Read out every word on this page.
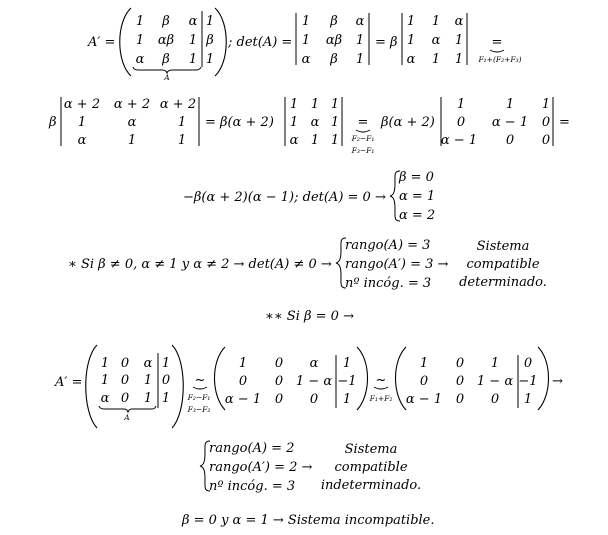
A′ =
1 β α 1
1 αβ 1 β
α β 1 1
A
; det(A) =
1 β α
1 αβ 1
α β 1
= β
1 1 α
1 α 1
α 1 1
=
F₁+(F₂+F₃)
β
α + 2 α + 2 α + 2
1	α	1
α	1	1
= β(α + 2)
1 1 1
1 α 1
α 1 1
=
F₂−F₁
F₃−F₁
β(α + 2)
1	1 1
0 α − 1 0
α − 1 0 0
=
−β(α + 2)(α − 1); det(A) = 0 →
β = 0
α = 1
α = 2
∗ Si β ≠ 0, α ≠ 1 y α ≠ 2 → det(A) ≠ 0 →
rango(A) = 3
rango(A′) = 3 →
nº incóg. = 3
Sistema
compatible
determinado.
∗∗ Si β = 0 →
A′ =
1 0 α 1
1 0 1 0
α 0 1 1
A
~
F₂−F₁
F₃−F₂
1 0 α 1
0 0 1 − α −1
α − 1 0 0 1
~
F₁+F₂
1 0 1 0
0 0 1 − α −1
α − 1 0 0 1
→
rango(A) = 2
rango(A′) = 2 →
nº incóg. = 3
Sistema
compatible
indeterminado.
β = 0 y α = 1 → Sistema incompatible.
